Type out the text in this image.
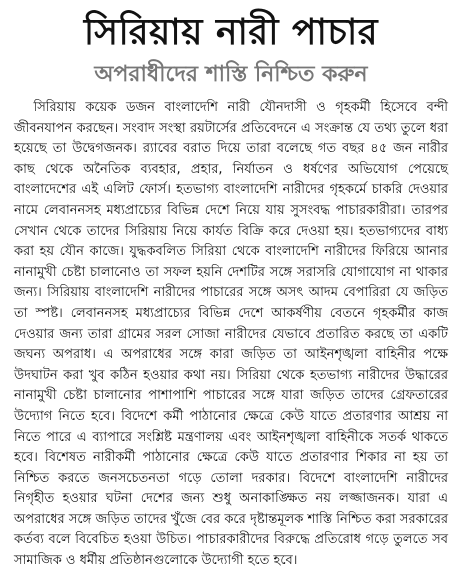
সিরিয়ায় নারী পাচার
অপরাধীদের শাস্তি নিশ্চিত করুন

সিরিয়ায় কয়েক ডজন বাংলাদেশি নারী যৌনদাসী ও গৃহকর্মী হিসেবে বন্দী জীবনযাপন করছেন। সংবাদ সংস্থা রয়টার্সের প্রতিবেদনে এ সংক্রান্ত যে তথ্য তুলে ধরা হয়েছে তা উদ্বেগজনক। র‍্যাবের বরাত দিয়ে তারা বলেছে গত বছর ৪৫ জন নারীর কাছ থেকে অনৈতিক ব্যবহার, প্রহার, নির্যাতন ও ধর্ষণের অভিযোগ পেয়েছে বাংলাদেশের এই এলিট ফোর্স। হতভাগ্য বাংলাদেশি নারীদের গৃহকর্মে চাকরি দেওয়ার নামে লেবাননসহ মধ্যপ্রাচ্যের বিভিন্ন দেশে নিয়ে যায় সুসংবদ্ধ পাচারকারীরা। তারপর সেখান থেকে তাদের সিরিয়ায় নিয়ে কার্যত বিক্রি করে দেওয়া হয়। হতভাগ্যদের বাধ্য করা হয় যৌন কাজে। যুদ্ধকবলিত সিরিয়া থেকে বাংলাদেশি নারীদের ফিরিয়ে আনার নানামুখী চেষ্টা চালানোও তা সফল হয়নি দেশটির সঙ্গে সরাসরি যোগাযোগ না থাকার জন্য। সিরিয়ায় বাংলাদেশি নারীদের পাচারের সঙ্গে অসৎ আদম বেপারিরা যে জড়িত তা স্পষ্ট। লেবাননসহ মধ্যপ্রাচ্যের বিভিন্ন দেশে আকর্ষণীয় বেতনে গৃহকর্মীর কাজ দেওয়ার জন্য তারা গ্রামের সরল সোজা নারীদের যেভাবে প্রতারিত করছে তা একটি জঘন্য অপরাধ। এ অপরাধের সঙ্গে কারা জড়িত তা আইনশৃঙ্খলা বাহিনীর পক্ষে উদঘাটন করা খুব কঠিন হওয়ার কথা নয়। সিরিয়া থেকে হতভাগ্য নারীদের উদ্ধারের নানামুখী চেষ্টা চালানোর পাশাপাশি পাচারের সঙ্গে যারা জড়িত তাদের গ্রেফতারের উদ্যোগ নিতে হবে। বিদেশে কর্মী পাঠানোর ক্ষেত্রে কেউ যাতে প্রতারণার আশ্রয় না নিতে পারে এ ব্যাপারে সংশ্লিষ্ট মন্ত্রণালয় এবং আইনশৃঙ্খলা বাহিনীকে সতর্ক থাকতে হবে। বিশেষত নারীকর্মী পাঠানোর ক্ষেত্রে কেউ যাতে প্রতারণার শিকার না হয় তা নিশ্চিত করতে জনসচেতনতা গড়ে তোলা দরকার। বিদেশে বাংলাদেশি নারীদের নিগৃহীত হওয়ার ঘটনা দেশের জন্য শুধু অনাকাঙ্ক্ষিত নয় লজ্জাজনক। যারা এ অপরাধের সঙ্গে জড়িত তাদের খুঁজে বের করে দৃষ্টান্তমূলক শাস্তি নিশ্চিত করা সরকারের কর্তব্য বলে বিবেচিত হওয়া উচিত। পাচারকারীদের বিরুদ্ধে প্রতিরোধ গড়ে তুলতে সব সামাজিক ও ধর্মীয় প্রতিষ্ঠানগুলোকে উদ্যোগী হতে হবে।
